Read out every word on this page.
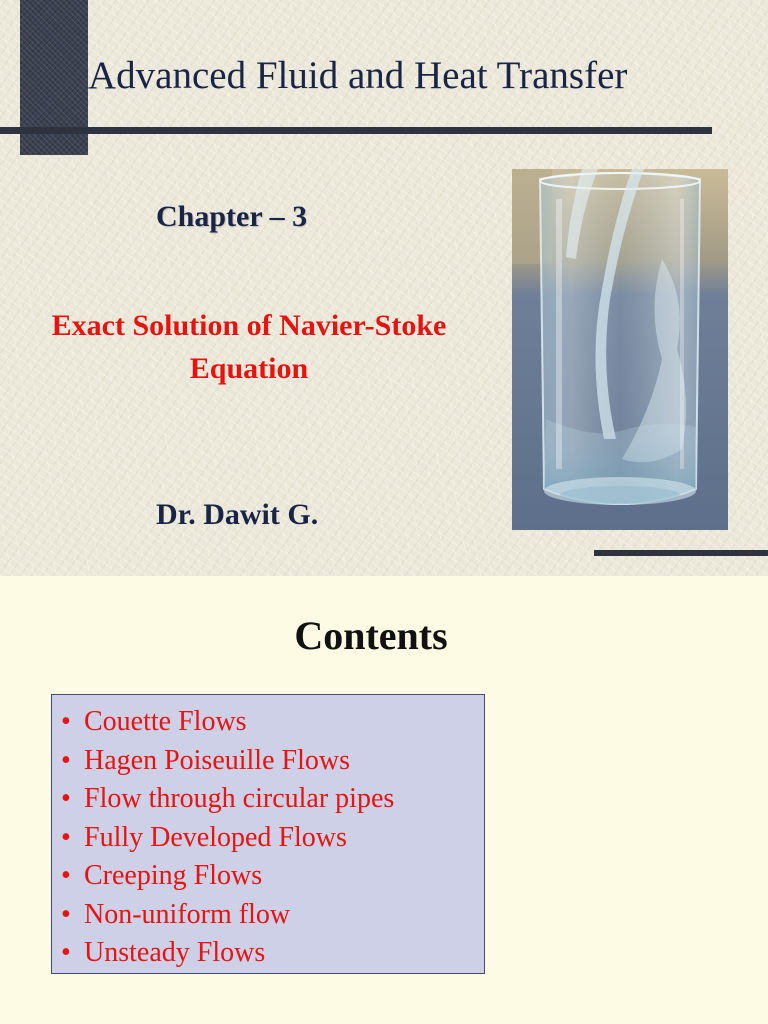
Advanced Fluid and Heat Transfer
Chapter – 3
Exact Solution of Navier-Stoke
Equation
Dr. Dawit G.
Contents
• Couette Flows
• Hagen Poiseuille Flows
• Flow through circular pipes
• Fully Developed Flows
• Creeping Flows
• Non-uniform flow
• Unsteady Flows
